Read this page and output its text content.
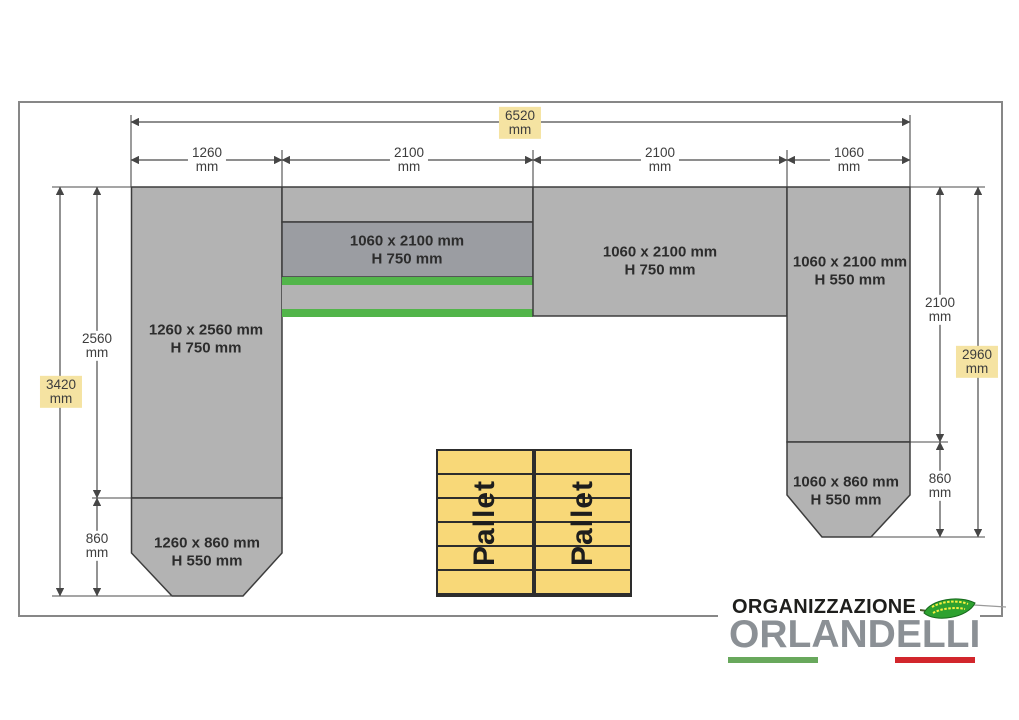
6520
mm
1260
mm
2100
mm
2100
mm
1060
mm
2560
mm
3420
mm
860
mm
2100
mm
2960
mm
860
mm
1260 x 2560 mm
H 750 mm
1260 x 860 mm
H 550 mm
1060 x 2100 mm
H 750 mm	1060 x 2100 mm
H 750 mm	1060 x 2100 mm
H 550 mm
1060 x 860 mm
H 550 mm
Pallet Pallet
ORGANIZZAZIONE
ORLANDELLI
